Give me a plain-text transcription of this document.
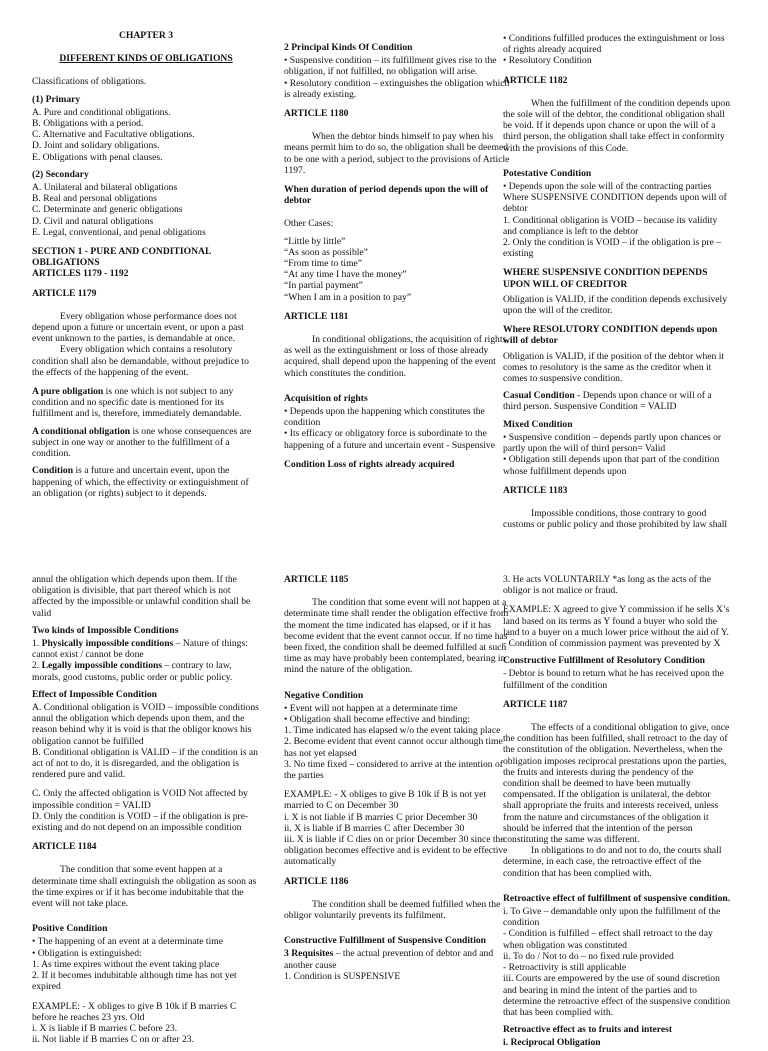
CHAPTER 3
DIFFERENT KINDS OF OBLIGATIONS

Classifications of obligations.

(1) Primary
A. Pure and conditional obligations.
B. Obligations with a period.
C. Alternative and Facultative obligations.
D. Joint and solidary obligations.
E. Obligations with penal clauses.
(2) Secondary
A. Unilateral and bilateral obligations
B. Real and personal obligations
C. Determinate and generic obligations
D. Civil and natural obligations
E. Legal, conventional, and penal obligations
SECTION 1 - PURE AND CONDITIONAL OBLIGATIONS
ARTICLES 1179 - 1192
ARTICLE 1179

Every obligation whose performance does not depend upon a future or uncertain event, or upon a past event unknown to the parties, is demandable at once.

Every obligation which contains a resolutory condition shall also be demandable, without prejudice to the effects of the happening of the event.

A pure obligation is one which is not subject to any condition and no specific date is mentioned for its fulfillment and is, therefore, immediately demandable.

A conditional obligation is one whose consequences are subject in one way or another to the fulfillment of a condition.

Condition is a future and uncertain event, upon the happening of which, the effectivity or extinguishment of an obligation (or rights) subject to it depends.

2 Principal Kinds Of Condition
• Suspensive condition – its fulfillment gives rise to the obligation, if not fulfilled, no obligation will arise.
• Resolutory condition – extinguishes the obligation which is already existing.
ARTICLE 1180

When the debtor binds himself to pay when his means permit him to do so, the obligation shall be deemed to be one with a period, subject to the provisions of Article 1197.

When duration of period depends upon the will of debtor

Other Cases:

“Little by little”
“As soon as possible”
“From time to time”
“At any time I have the money”
“In partial payment”
“When I am in a position to pay”
ARTICLE 1181

In conditional obligations, the acquisition of rights, as well as the extinguishment or loss of those already acquired, shall depend upon the happening of the event which constitutes the condition.

Acquisition of rights
• Depends upon the happening which constitutes the condition
• Its efficacy or obligatory force is subordinate to the happening of a future and uncertain event - Suspensive
Condition Loss of rights already acquired
• Conditions fulfilled produces the extinguishment or loss of rights already acquired
• Resolutory Condition
ARTICLE 1182

When the fulfillment of the condition depends upon the sole will of the debtor, the conditional obligation shall be void. If it depends upon chance or upon the will of a third person, the obligation shall take effect in conformity with the provisions of this Code.

Potestative Condition
• Depends upon the sole will of the contracting parties
Where SUSPENSIVE CONDITION depends upon will of debtor
1. Conditional obligation is VOID – because its validity and compliance is left to the debtor
2. Only the condition is VOID – if the obligation is pre – existing
WHERE SUSPENSIVE CONDITION DEPENDS UPON WILL OF CREDITOR

Obligation is VALID, if the condition depends exclusively upon the will of the creditor.

Where RESOLUTORY CONDITION depends upon will of debtor

Obligation is VALID, if the position of the debtor when it comes to resolutory is the same as the creditor when it comes to suspensive condition.

Casual Condition - Depends upon chance or will of a third person. Suspensive Condition = VALID

Mixed Condition
• Suspensive condition – depends partly upon chances or partly upon the will of third person= Valid
• Obligation still depends upon that part of the condition whose fulfillment depends upon
ARTICLE 1183

Impossible conditions, those contrary to good customs or public policy and those prohibited by law shall

annul the obligation which depends upon them. If the obligation is divisible, that part thereof which is not affected by the impossible or unlawful condition shall be valid

Two kinds of Impossible Conditions
1. Physically impossible conditions – Nature of things: cannot exist / cannot be done
2. Legally impossible conditions – contrary to law, morals, good customs, public order or public policy.
Effect of Impossible Condition
A. Conditional obligation is VOID – impossible conditions annul the obligation which depends upon them, and the reason behind why it is void is that the obligor knows his obligation cannot be fulfilled
B. Conditional obligation is VALID – if the condition is an act of not to do, it is disregarded, and the obligation is rendered pure and valid.
C. Only the affected obligation is VOID Not affected by impossible condition = VALID
D. Only the condition is VOID – if the obligation is pre-existing and do not depend on an impossible condition
ARTICLE 1184

The condition that some event happen at a determinate time shall extinguish the obligation as soon as the time expires or if it has become indubitable that the event will not take place.

Positive Condition
• The happening of an event at a determinate time
• Obligation is extinguished:
1. As time expires without the event taking place
2. If it becomes indubitable although time has not yet expired
EXAMPLE: - X obliges to give B 10k if B marries C before he reaches 23 yrs. Old
i. X is liable if B marries C before 23.
ii. Not liable if B marries C on or after 23.
ARTICLE 1185

The condition that some event will not happen at a determinate time shall render the obligation effective from the moment the time indicated has elapsed, or if it has become evident that the event cannot occur. If no time has been fixed, the condition shall be deemed fulfilled at such time as may have probably been contemplated, bearing in mind the nature of the obligation.

Negative Condition
• Event will not happen at a determinate time
• Obligation shall become effective and binding:
1. Time indicated has elapsed w/o the event taking place
2. Become evident that event cannot occur although time has not yet elapsed
3. No time fixed – considered to arrive at the intention of the parties
EXAMPLE: - X obliges to give B 10k if B is not yet married to C on December 30
i. X is not liable if B marries C prior December 30
ii. X is liable if B marries C after December 30
iii. X is liable if C dies on or prior December 30 since the obligation becomes effective and is evident to be effective automatically
ARTICLE 1186

The condition shall be deemed fulfilled when the obligor voluntarily prevents its fulfilment.

Constructive Fulfillment of Suspensive Condition
3 Requisites – the actual prevention of debtor and and another cause
1. Condition is SUSPENSIVE
3. He acts VOLUNTARILY *as long as the acts of the obligor is not malice or fraud.
EXAMPLE: X agreed to give Y commission if he sells X’s land based on its terms as Y found a buyer who sold the land to a buyer on a much lower price without the aid of Y.
- Condition of commission payment was prevented by X
Constructive Fulfillment of Resolutory Condition

- Debtor is bound to return what he has received upon the fulfillment of the condition

ARTICLE 1187

The effects of a conditional obligation to give, once the condition has been fulfilled, shall retroact to the day of the constitution of the obligation. Nevertheless, when the obligation imposes reciprocal prestations upon the parties, the fruits and interests during the pendency of the condition shall be deemed to have been mutually compensated. If the obligation is unilateral, the debtor shall appropriate the fruits and interests received, unless from the nature and circumstances of the obligation it should be inferred that the intention of the person constituting the same was different.

In obligations to do and not to do, the courts shall determine, in each case, the retroactive effect of the condition that has been complied with.

Retroactive effect of fulfillment of suspensive condition.
i. To Give – demandable only upon the fulfillment of the condition
- Condition is fulfilled – effect shall retroact to the day when obligation was constituted
ii. To do / Not to do – no fixed rule provided
- Retroactivity is still applicable
iii. Courts are empowered by the use of sound discretion and bearing in mind the intent of the parties and to determine the retroactive effect of the suspensive condition that has been complied with.
Retroactive effect as to fruits and interest
i. Reciprocal Obligation
